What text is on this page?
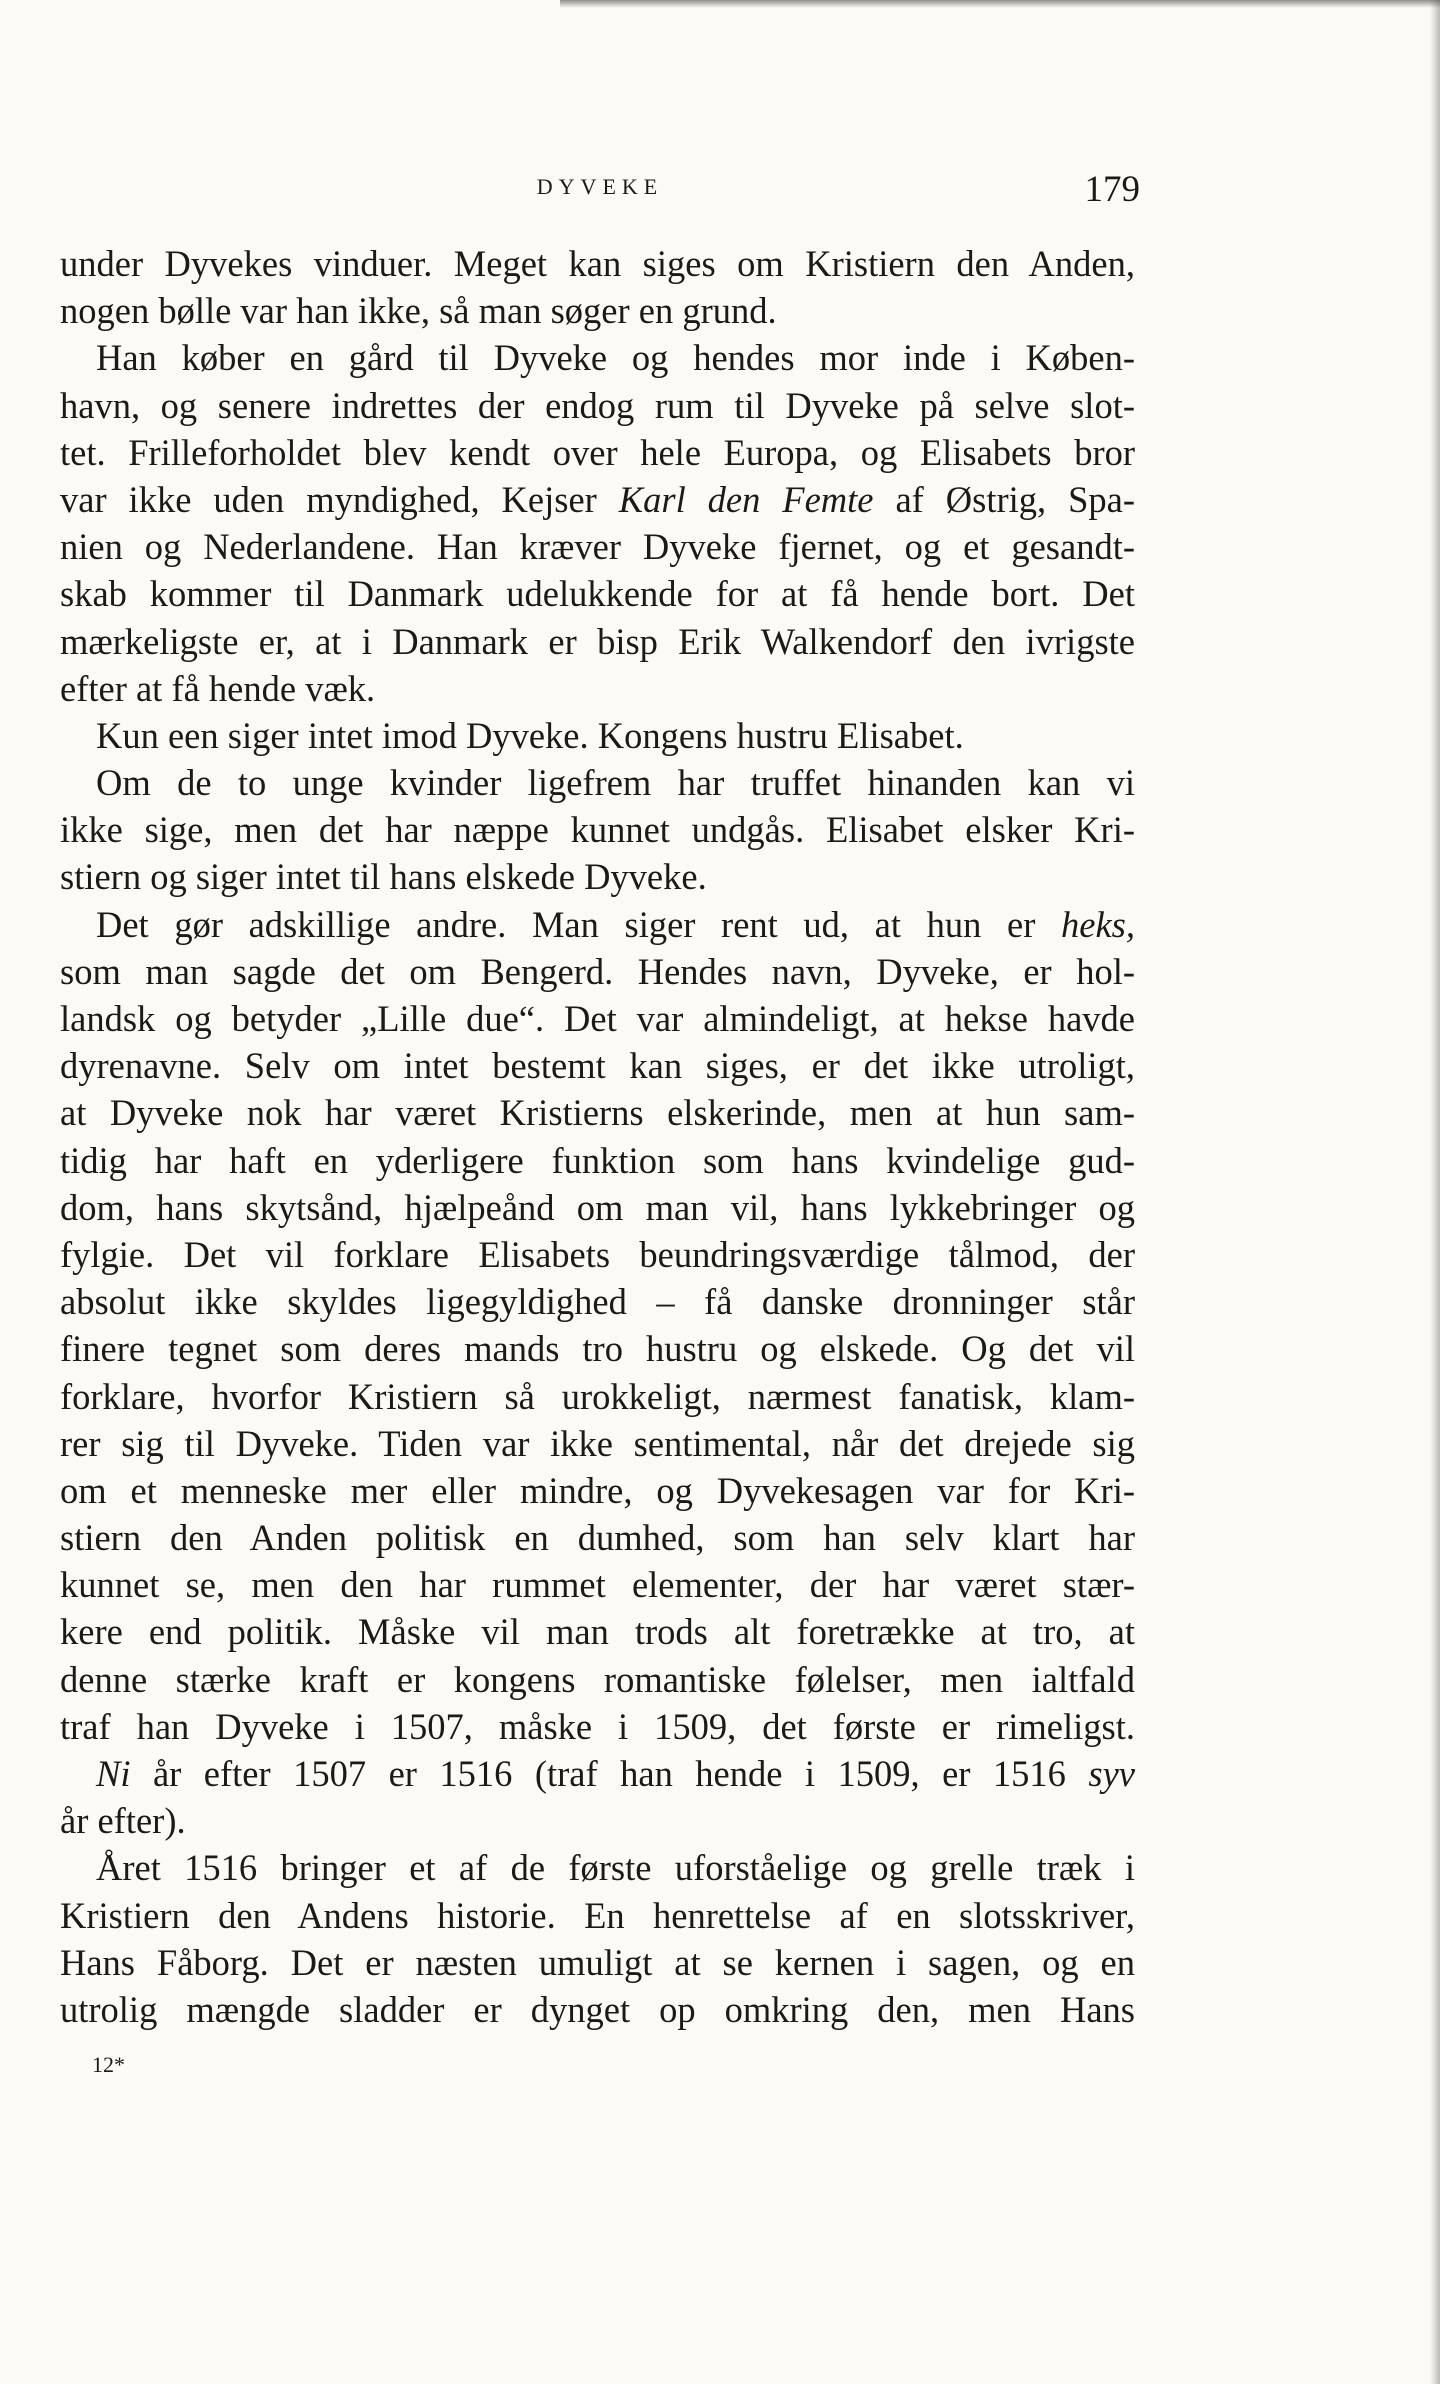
DYVEKE	179
under Dyvekes vinduer. Meget kan siges om Kristiern den Anden,
nogen bølle var han ikke, så man søger en grund.
Han køber en gård til Dyveke og hendes mor inde i Køben-
havn, og senere indrettes der endog rum til Dyveke på selve slot-
tet. Frilleforholdet blev kendt over hele Europa, og Elisabets bror
var ikke uden myndighed, Kejser Karl den Femte af Østrig, Spa-
nien og Nederlandene. Han kræver Dyveke fjernet, og et gesandt-
skab kommer til Danmark udelukkende for at få hende bort. Det
mærkeligste er, at i Danmark er bisp Erik Walkendorf den ivrigste
efter at få hende væk.
Kun een siger intet imod Dyveke. Kongens hustru Elisabet.
Om de to unge kvinder ligefrem har truffet hinanden kan vi
ikke sige, men det har næppe kunnet undgås. Elisabet elsker Kri-
stiern og siger intet til hans elskede Dyveke.
Det gør adskillige andre. Man siger rent ud, at hun er heks,
som man sagde det om Bengerd. Hendes navn, Dyveke, er hol-
landsk og betyder „Lille due“. Det var almindeligt, at hekse havde
dyrenavne. Selv om intet bestemt kan siges, er det ikke utroligt,
at Dyveke nok har været Kristierns elskerinde, men at hun sam-
tidig har haft en yderligere funktion som hans kvindelige gud-
dom, hans skytsånd, hjælpeånd om man vil, hans lykkebringer og
fylgie. Det vil forklare Elisabets beundringsværdige tålmod, der
absolut ikke skyldes ligegyldighed – få danske dronninger står
finere tegnet som deres mands tro hustru og elskede. Og det vil
forklare, hvorfor Kristiern så urokkeligt, nærmest fanatisk, klam-
rer sig til Dyveke. Tiden var ikke sentimental, når det drejede sig
om et menneske mer eller mindre, og Dyvekesagen var for Kri-
stiern den Anden politisk en dumhed, som han selv klart har
kunnet se, men den har rummet elementer, der har været stær-
kere end politik. Måske vil man trods alt foretrække at tro, at
denne stærke kraft er kongens romantiske følelser, men ialtfald
traf han Dyveke i 1507, måske i 1509, det første er rimeligst.
Ni år efter 1507 er 1516 (traf han hende i 1509, er 1516 syv
år efter).
Året 1516 bringer et af de første uforståelige og grelle træk i
Kristiern den Andens historie. En henrettelse af en slotsskriver,
Hans Fåborg. Det er næsten umuligt at se kernen i sagen, og en
utrolig mængde sladder er dynget op omkring den, men Hans
12*
